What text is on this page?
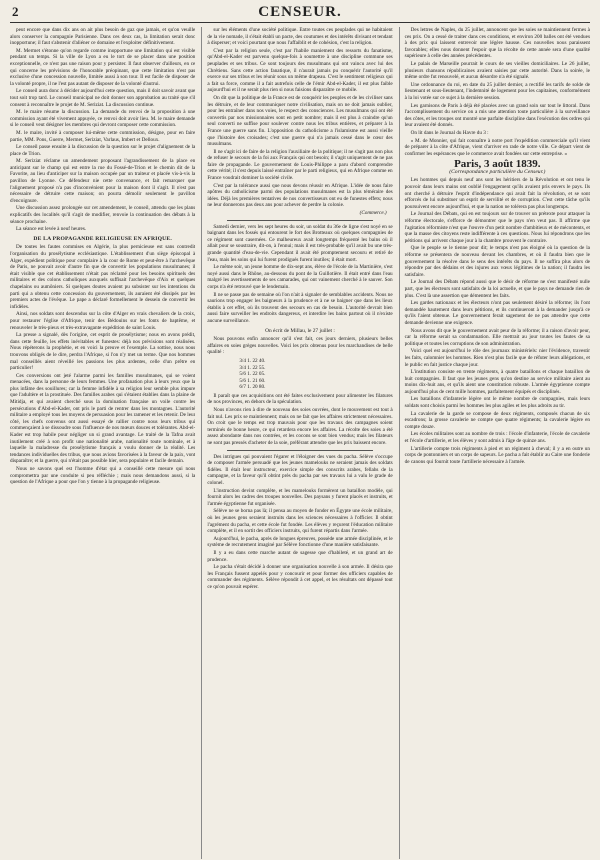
2	CENSEUR.

peut encore que dans dix ans on ait plus besoin de gaz que jamais, et qu'on veuille alors conserver la compagnie Parisienne. Dans ces deux cas, la limitation serait donc inopportune; il faut s'abstenir d'aliéner ce domaine et l'exploiter définitivement.

M. Mermet s'étonne qu'on regarde comme inopportune une limitation qui est visible pendant un temps. Si la ville de Lyon a eu le tort de se placer dans une position exceptionnelle, ce n'est pas une raison pour y persister. Il faut observer d'ailleurs, en ce qui concerne les prévisions de l'honorable préopinant, que cette limitation n'est pas exclusive d'une concession nouvelle, limitée aussi à son tour. Il est facile de disposer de la volonté propre, il ne l'est pas autant de disposer de la volonté d'autrui.

Le conseil aura donc à décider aujourd'hui cette question, mais il doit savoir avant que tout soit trop tard. Le conseil municipal ne doit donner son approbation au traité que s'il consent à reconnaître le projet de M. Seriziat. La discussion continue.

M. le maire résume la discussion. La demande du renvoi de la proposition à une commission ayant été vivement appuyée, ce renvoi doit avoir lieu. M. le maire demande si le conseil veut désigner les membres qui devront composer cette commission.

M. le maire, invité à composer lui-même cette commission, désigne, pour en faire partie, MM. Pons, Guerre, Mermet, Seriziat, Varlaus, Imbert et Delloux.

Le conseil passe ensuite à la discussion de la question sur le projet d'alignement de la place de Trion.

M. Seriziat réclame un amendement proposant l'agrandissement de la place en anticipant sur le champ qui est entre la rue du Fossé-de-Trion et le chemin dit de la Favorite, au lieu d'anticiper sur la maison occupée par un traiteur et placée vis-à-vis la pavillon de Lyonne. Ce défendeur nie cette convenance, et fait remarquer que l'alignement proposé n'a pas d'inconvénient pour la maison dont il s'agit. Il n'est pas nécessaire de détruire cette maison; on pourra démolir seulement le pavillon d'encoignure.

Une discussion assez prolongée sur cet amendement, le conseil, attendu que les plans explicatifs des localités qu'il s'agit de modifier, renvoie la continuation des débats à la séance prochaine.

La séance est levée à neuf heures.

DE LA PROPAGANDE RELIGIEUSE EN AFRIQUE.

De toutes les fautes commises en Algérie, la plus pernicieuse est sans contredit l'organisation du prosélytisme ecclésiastique. L'établissement d'un siège épiscopal à Alger, expédient politique pour complaire à la cour de Rome et peut-être à l'archevêque de Paris, ne pouvait avoir d'autre fin que de convertir les populations musulmanes; il était visible que cet établissement n'était pas réclamé pour les besoins spirituels des militaires et des colons catholiques auxquels suffisait l'archevêque d'Aix et quelques chapelains ou aumôniers. Si quelques doutes avaient pu subsister sur les intentions du parti qui a obtenu cette concession du gouvernement, ils auraient été dissipés par les premiers actes de l'évêque. Le pape a déclaré formellement le dessein de convertir les infidèles.

Ainsi, nos soldats sont descendus sur la côte d'Alger en vrais chevaliers de la croix, pour restaurer l'église d'Afrique, tenir des Bédouins sur les fonts de baptême, et renouveler le très-pieux et très-extravagante expédition de saint Louis.

La presse a signalé, dès l'origine, cet esprit de prosélytisme; nous en avons prédit, dans cette feuille, les effets inévitables et funestes: déjà nos prévisions sont réalisées. Nous répéterons la prophétie, et en voici la preuve et l'exemple. La sottise, nous nous trouvons obligés de le dire, perdra l'Afrique, si l'on n'y met un terme. Que nos hommes mal conseillés aient réveillé les passions les plus ardentes, celle d'un prêtre en particulier!

Ces conversions ont jeté l'alarme parmi les familles musulmanes, qui se voient menacées, dans la personne de leurs femmes. Une profanation plus à leurs yeux que la plus infâme des souillures; car la femme infidèle à sa religion leur semble plus impure que l'adultère et la prostituée. Des familles arabes qui s'étaient établies dans la plaine de Mitidja, et qui avaient cherché sous la domination française un voile contre les persécutions d'Abd-el-Kader, ont pris le parti de rentrer dans les montagnes. L'autorité militaire a employé tous les moyens de persuasion pour les ramener et les retenir. De leur côté, les chefs convenus ont aussi essayé de rallier contre nous leurs tribus qui commençaient à se dissoudre sous l'influence de nos mœurs douces et tolérantes. Abd-el-Kader est trop habile pour négliger un si grand avantage. Le traité de la Tafna avait inutilement créé à son profit une nationalité arabe, nationalité toute nominale, et à laquelle la maladresse du prosélytisme français a voulu donner de la réalité. Les tendances individuelles des tribus, que nous avions favorisées à la faveur de la paix, vont disparaître; et la guerre, qui n'était pas possible hier, sera populaire et facile demain.

Nous ne savons quel est l'homme d'état qui a conseillé cette mesure qui nous compromettra par une conduite si peu réfléchie ; mais nous demandons aussi, si la question de l'Afrique a pour que l'on y tienne à la propagande religieuse.

sur les éléments d'une société politique. Entre toutes ces peuplades qui ne habitaient de la vie nomade, il s'était établi un pacte, des coutumes et des intérêts divisant et tendant à disperser; et voici pourtant que nous l'affaiblit et de cohésion, c'est la religion.

C'est par la religion seule, c'est par l'habile maniement des ressorts du fanatisme, qu'Abd-el-Kader est parvenu quelque-fois à soumettre à une discipline commune ses peuplades et ses tribus. Ce sont toujours des musulmans qui ont vaincu avec lui des Chrétiens. Sans cette action fanatique, il n'aurait jamais pu conquérir l'autorité qu'il exerce sur ses tribus et les réunir sous un même drapeau. C'est le sentiment religieux qui a fait sa force, comme il a fait autrefois celle de l'émir Abd-el-Kader, il est plus faible aujourd'hui et il ne serait plus rien si nous faisions disparaître ce mobile.

On dit que la politique de la France est de conquérir les peuples et de les civiliser sans les détruire, et de leur communiquer notre civilisation, mais on ne doit jamais oublier, pour les entraîner dans nos voies, le respect des consciences. Les musulmans qui ont été convertis par nos missionnaires sont en petit nombre; mais il est plus à craindre qu'un seul converti ne suffise pour soulever contre nous les tribus entières, et préparer à la France une guerre sans fin. L'opposition du catholicisme a l'islamisme est aussi vieille que l'histoire des croisades; c'est une guerre qui n'a jamais cessé dans le cœur des musulmans.

Il ne s'agit ici de faire de la religion l'auxiliaire de la politique; il ne s'agit pas non plus de refuser le secours de la foi aux Français qui ont besoin; il s'agit uniquement de ne pas faire de propagande. Le gouvernement de Louis-Philippe a paru d'abord comprendre cette vérité; il s'est depuis laissé entraîner par le parti religieux, qui en Afrique comme en France voudrait dominer la société civile.

C'est par la tolérance aussi que nous devons réussir en Afrique. L'idée de nous faire apôtres du catholicisme parmi des populations musulmanes est la plus téméraire des idées. Déjà les premières tentatives de nos convertisseurs ont eu de funestes effets; nous ne leur donnerons pas deux ans pour achever de perdre la colonie.

(Commerce.)

Samedi dernier, vers les sept heures du soir, un soldat du 36e de ligne s'est noyé en se baignant dans les fossés qui entourent le fort des Brotteaux où quelques compagnies de ce régiment sont casernées. Ce malheureux avait longtemps fréquenté les bains où il allait pour se soustraire, dit-on, à l'ennui; mais il est très-probable qu'il avait bu une très-grande quantité d'eau-de-vie. Cependant il avait été promptement secouru et retiré de l'eau, mais les soins qui lui furent prodigués furent inutiles; il était mort.

Le même soir, un jeune homme de dix-sept ans, élève de l'école de la Martinière, s'est noyé aussi dans le Rhône, au-dessous du pont de la Guillotière. Il était entré dans l'eau malgré les avertissements de ses camarades, qui ont vainement cherché à le sauver. Son corps n'a été retrouvé que le lendemain.

Il ne se passe pas de semaine où l'on n'ait à signaler de semblables accidents. Nous ne saurions trop engager les baigneurs à la prudence et à ne se baigner que dans les lieux établis à cet effet, où ils trouvent des secours en cas de besoin. L'autorité devrait bien aussi faire surveiller les endroits dangereux, et interdire les bains partout où il n'existe aucune surveillance.

On écrit de Millau, le 27 juillet :

Nous pouvons enfin annoncer qu'il s'est fait, ces jours derniers, plusieurs belles affaires en soies grèges nouvelles. Voici les prix obtenus pour les marchandises de belle qualité :

3/4 1. 22 40.
3/4 1. 22 55.
5/6 1. 22 05.
5/6 1. 21 60.
6/7 1. 20 80.

Il paraît que ces acquisitions ont été faites exclusivement pour alimenter les filatures de nos provinces, en dehors de la spéculation.

Nous n'avons rien à dire de nouveau des soies ouvrées, dont le mouvement est tout à fait nul. Les prix se maintiennent; mais on ne fait que les affaires strictement nécessaires. On croit que le temps est trop mauvais pour que les travaux des campagnes soient terminés de bonne heure, ce qui retardera encore les affaires. La récolte des soies a été assez abondante dans nos contrées, et les cocons se sont bien vendus; mais les filateurs ne sont pas pressés d'acheter de la soie, préférant attendre que les prix baissent encore.

Des intrigues qui pouvaient l'égarer et l'éloigner des vues du pacha. Sélève s'occupe de composer l'armée persuadé que les jeunes mamelouks ne seraient jamais des soldats fidèles. Il était leur instructeur, exercice simple des conscrits arabes, fellahs de la campagne, et la faveur qu'il obtint près du pacha par ses travaux lui a valu le grade de colonel.

L'instruction devint complète, et les mamelouks formèrent un bataillon modèle, qui fournit alors les cadres des troupes nouvelles. Des paysans y furent placés et instruits, et l'armée égyptienne fut organisée.

Sélève ne se borna pas là; il pensa au moyen de fonder en Égypte une école militaire, où les jeunes gens seraient instruits dans les sciences nécessaires à l'officier. Il obtint l'agrément du pacha, et cette école fut fondée. Les élèves y reçurent l'éducation militaire complète, et il en sortit des officiers instruits, qui furent répartis dans l'armée.

Aujourd'hui, le pacha, après de longues épreuves, possède une armée disciplinée, et le système de recrutement imaginé par Sélève fonctionne d'une manière satisfaisante.

Il y a eu dans cette marche autant de sagesse que d'habileté, et un grand art de prudence.

Le pacha s'était décidé à donner une organisation nouvelle à son armée. Il désira que les Français fussent appelés pour y concourir et pour former des officiers capables de commander des régiments. Sélève répondit à cet appel, et les résultats ont dépassé tout ce qu'on pouvait espérer.

Des lettres de Naples, du 25 juillet, annoncent que les soies se maintiennent fermes à ces prix. On a cessé de traiter dans ces conditions, et environ 200 balles ont été vendues à des prix qui laissent entrevoir une légère hausse. Ces nouvelles nous paraissent favorables; elles nous donnent l'espoir que la récolte de cette année sera d'une qualité supérieure à celle des années précédentes.

Le palais de Marseille pourrait le cours de ses vieilles domiciliaires. Le 26 juillet, plusieurs chansons républicaines avaient saisies par cette autorité. Dans la soirée, le même ordre fut renouvelé, et aucun désordre n'a été signalé.

Une ordonnance du roi, en date du 25 juillet dernier, a rectifié les tarifs de solde de lieutenant et sous-lieutenant, l'indemnité de logement pour les capitaines, conformément à la loi votée sur ce sujet à la dernière session.

Les garnisons de Paris à déjà été placées avec un grand soin sur tout le littoral. Dans l'accomplissement du service on a mis une attention toute particulière à la surveillance des côtes, et les troupes ont montré une parfaite discipline dans l'exécution des ordres qui leur avaient été donnés.

On lit dans le Journal du Havre du 3 :

« M. de Monnier, qui fait connaître à notre port l'expédition commerciale qu'il vient de préparer à la côte d'Afrique, vient d'arriver en rade de notre ville. Ce départ vient de confirmer les espérances que le commerce avait fondées sur cette entreprise. »

Paris, 3 août 1839.
(Correspondance particulière du Censeur.)

Les hommes qui depuis neuf ans sont les héritiers de la Révolution et ont tenu le pouvoir dans leurs mains ont oublié l'engagement qu'ils avaient pris envers le pays. Ils ont cherché à détruire l'esprit d'indépendance qui avait fait la révolution, et se sont efforcés de lui substituer un esprit de servilité et de corruption. C'est cette tâche qu'ils poursuivent encore aujourd'hui, et que la nation ne tolérera pas plus longtemps.

Le Journal des Débats, qui en est toujours sur de trouver un prétexte pour attaquer la réforme électorale, s'efforce de démontrer que le pays n'en veut pas. Il affirme que l'agitation réformiste n'est que l'œuvre d'un petit nombre d'ambitieux et de mécontents, et que la masse des citoyens reste indifférente à ces questions. Nous lui répondrons que les pétitions qui arrivent chaque jour à la chambre prouvent le contraire.

Que le peuple se le tienne pour dit; le temps n'est pas éloigné où la question de la réforme se présentera de nouveau devant les chambres, et où il faudra bien que le gouvernement la résolve dans le sens des intérêts du pays. Il ne suffira plus alors de répondre par des dédains et des injures aux vœux légitimes de la nation; il faudra les satisfaire.

Le Journal des Débats répond aussi que le désir de réforme ne s'est manifesté nulle part, que les électeurs sont satisfaits de la loi actuelle, et que le pays ne demande rien de plus. C'est là une assertion que démentent les faits.

Les gardes nationaux et les électeurs n'ont pas seulement désiré la réforme; ils l'ont demandée hautement dans leurs pétitions, et ils continueront à la demander jusqu'à ce qu'ils l'aient obtenue. Le gouvernement ferait sagement de ne pas attendre que cette demande devienne une exigence.

Nous avons dit que le gouvernement avait peur de la réforme; il a raison d'avoir peur, car la réforme serait sa condamnation. Elle mettrait au jour toutes les fautes de sa politique et toutes les corruptions de son administration.

Voici quel est aujourd'hui le rôle des journaux ministériels: nier l'évidence, travestir les faits, calomnier les hommes. Rien n'est plus facile que de réfuter leurs allégations, et le public en fait justice chaque jour.

L'institution consiste en trente régiments, à quatre bataillons et chaque bataillon de huit compagnies. Il faut que les jeunes gens qu'on destine au service militaire aient au moins dix-huit ans, et qu'ils aient une constitution robuste. L'armée égyptienne compte aujourd'hui plus de cent mille hommes, parfaitement équipés et disciplinés.

Les bataillons d'infanterie légère ont le même nombre de compagnies, mais leurs soldats sont choisis parmi les hommes les plus agiles et les plus adroits au tir.

La cavalerie de la garde se compose de deux régiments, composés chacun de six escadrons; la grosse cavalerie ne compte que quatre régiments; la cavalerie légère en compte douze.

Les écoles militaires sont au nombre de trois : l'école d'infanterie, l'école de cavalerie et l'école d'artillerie, et les élèves y sont admis à l'âge de quinze ans.

L'artillerie compte trois régiments à pied et un régiment à cheval; il y a en outre un corps de pontonniers et un corps de sapeurs. Le pacha a fait établir au Caire une fonderie de canons qui fournit toute l'artillerie nécessaire à l'armée.
